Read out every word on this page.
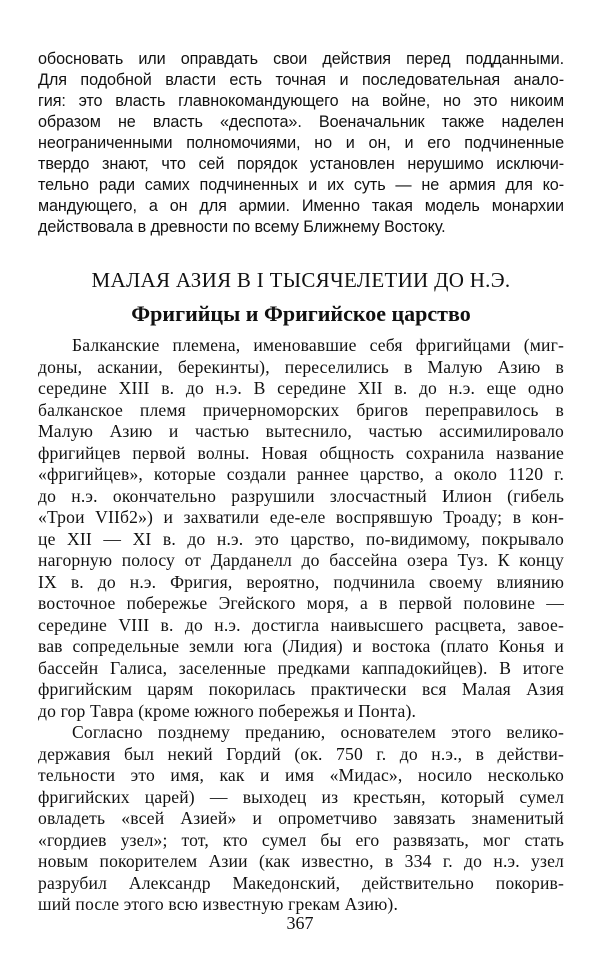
обосновать или оправдать свои действия перед подданными.
Для подобной власти есть точная и последовательная анало-
гия: это власть главнокомандующего на войне, но это никоим
образом не власть «деспота». Военачальник также наделен
неограниченными полномочиями, но и он, и его подчиненные
твердо знают, что сей порядок установлен нерушимо исключи-
тельно ради самих подчиненных и их суть — не армия для ко-
мандующего, а он для армии. Именно такая модель монархии
действовала в древности по всему Ближнему Востоку.
МАЛАЯ АЗИЯ В I ТЫСЯЧЕЛЕТИИ ДО Н.Э.
Фригийцы и Фригийское царство
Балканские племена, именовавшие себя фригийцами (миг-
доны, аскании, берекинты), переселились в Малую Азию в
середине XIII в. до н.э. В середине XII в. до н.э. еще одно
балканское племя причерноморских бригов переправилось в
Малую Азию и частью вытеснило, частью ассимилировало
фригийцев первой волны. Новая общность сохранила название
«фригийцев», которые создали раннее царство, а около 1120 г.
до н.э. окончательно разрушили злосчастный Илион (гибель
«Трои VIIб2») и захватили еде-еле воспрявшую Троаду; в кон-
це XII — XI в. до н.э. это царство, по-видимому, покрывало
нагорную полосу от Дарданелл до бассейна озера Туз. К концу
IX в. до н.э. Фригия, вероятно, подчинила своему влиянию
восточное побережье Эгейского моря, а в первой половине —
середине VIII в. до н.э. достигла наивысшего расцвета, завое-
вав сопредельные земли юга (Лидия) и востока (плато Конья и
бассейн Галиса, заселенные предками каппадокийцев). В итоге
фригийским царям покорилась практически вся Малая Азия
до гор Тавра (кроме южного побережья и Понта).
Согласно позднему преданию, основателем этого велико-
державия был некий Гордий (ок. 750 г. до н.э., в действи-
тельности это имя, как и имя «Мидас», носило несколько
фригийских царей) — выходец из крестьян, который сумел
овладеть «всей Азией» и опрометчиво завязать знаменитый
«гордиев узел»; тот, кто сумел бы его развязать, мог стать
новым покорителем Азии (как известно, в 334 г. до н.э. узел
разрубил Александр Македонский, действительно покорив-
ший после этого всю известную грекам Азию).
367
